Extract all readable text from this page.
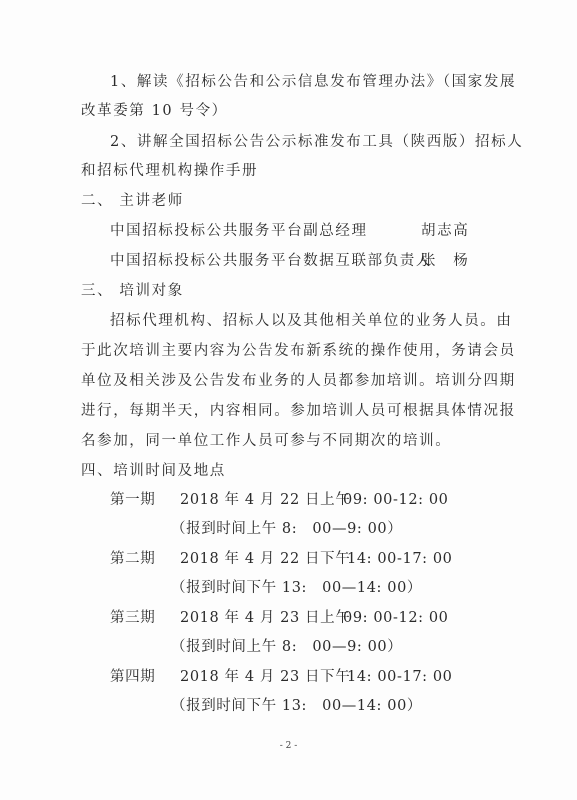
1、解读《招标公告和公示信息发布管理办法》（国家发展
改革委第 10 号令）
2、讲解全国招标公告公示标准发布工具（陕西版）招标人
和招标代理机构操作手册
二、 主讲老师
中国招标投标公共服务平台副总经理	胡志高
中国招标投标公共服务平台数据互联部负责人
张　杨
三、 培训对象
招标代理机构、招标人以及其他相关单位的业务人员。由
于此次培训主要内容为公告发布新系统的操作使用，务请会员
单位及相关涉及公告发布业务的人员都参加培训。培训分四期
进行，每期半天，内容相同。参加培训人员可根据具体情况报
名参加，同一单位工作人员可参与不同期次的培训。
四、培训时间及地点
第一期 2018 年 4 月 22 日上午
09: 00-12: 00
（报到时间上午 8:　00—9: 00）
第二期 2018 年 4 月 22 日下午
14: 00-17: 00
（报到时间下午 13:　00—14: 00）
第三期 2018 年 4 月 23 日上午
09: 00-12: 00
（报到时间上午 8:　00—9: 00）
第四期 2018 年 4 月 23 日下午
14: 00-17: 00
（报到时间下午 13:　00—14: 00）
- 2 -
